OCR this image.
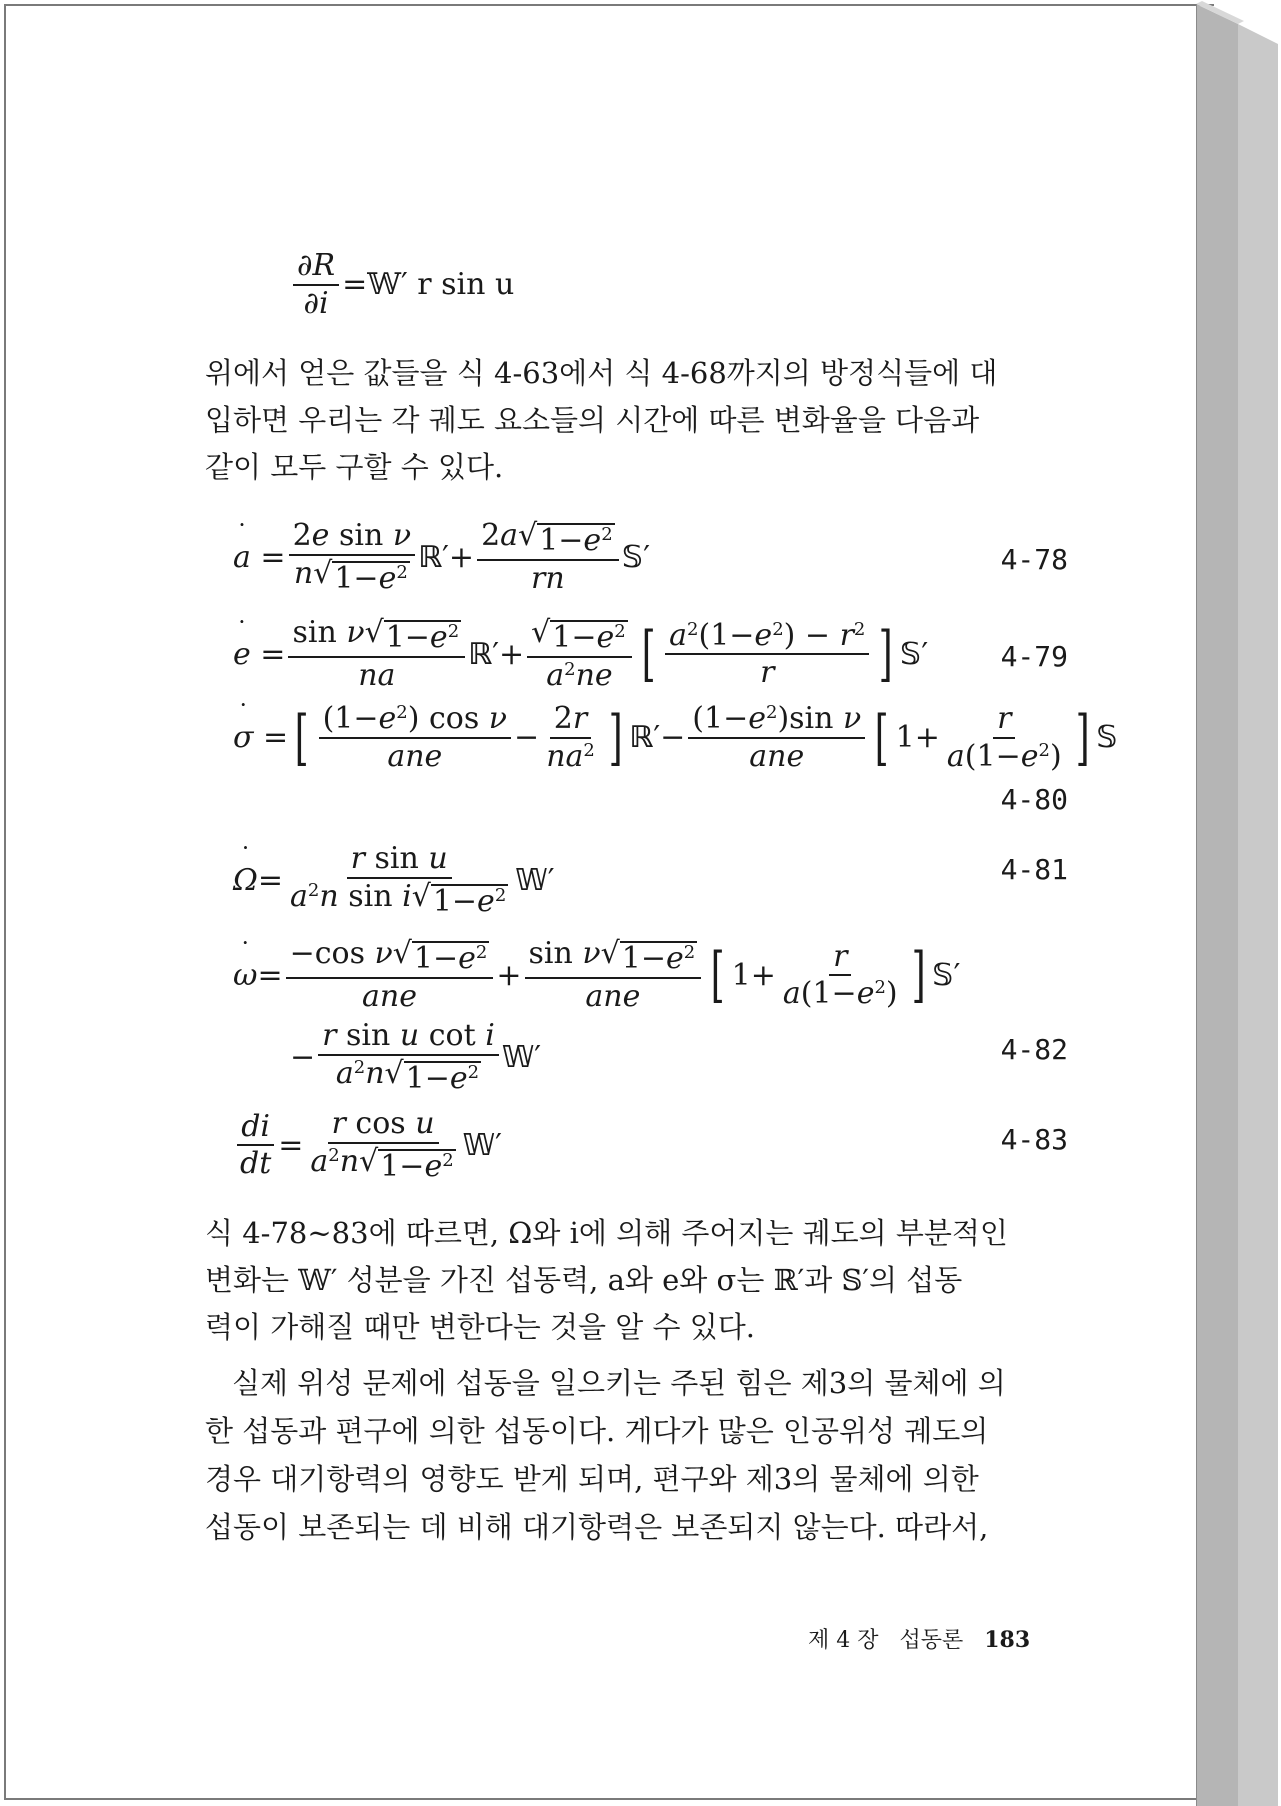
$\frac{\partial R}{\partial i}$ =𝕎′ r sin u
위에서 얻은 값들을 식 4-63에서 식 4-68까지의 방정식들에 대
입하면 우리는 각 궤도 요소들의 시간에 따른 변화율을 다음과
같이 모두 구할 수 있다.
a ˙ = $\frac{\text{2e sin ν}}{n √ 1-e^2}$ ℝ ′+ $\frac{2a √ 1-e^2}{rn}$ 𝕊 ′	4-78
e ˙ = $\frac{\sin \nu √ 1-e^2}{na}$ ℝ ′+ $\frac{√ 1-e^2}{a^2ne}$ [ $\frac{a^2(1-e^2) - r^2}{r}$ ] 𝕊 ′	4-79
σ ˙ = [ $\frac{(1-e^2) \cos \nu}{\text{ane}} - \frac{2r}{na^2}$ ] ℝ ′− $\frac{(1-e^2)\sin \nu}{\text{ane}}$ [ $1+ \frac{r}{a(1-e^2)}$ ] 𝕊
4-80
Ω ˙ = $\frac{\text{r sin u}}{a^2n \sin i √ 1-e^2}$ 𝕎 ′	4-81
ω ˙ = $\frac{-\cos \nu √ 1-e^2}{\text{ane}} + \frac{\sin \nu √ 1-e^2}{\text{ane}}$ [ $1+ \frac{r}{a(1-e^2)}$ ] 𝕊 ′
− $\frac{\text{r sin u cot i}}{a^2n √ 1-e^2}$ 𝕎 ′	4-82
$\frac{di}{dt} = \frac{\text{r cos u}}{a^2n √ 1-e^2}$ 𝕎 ′	4-83
식 4-78~83에 따르면, Ω와 i에 의해 주어지는 궤도의 부분적인
변화는 𝕎′ 성분을 가진 섭동력, a와 e와 σ는 ℝ′과 𝕊′의 섭동
력이 가해질 때만 변한다는 것을 알 수 있다.
실제 위성 문제에 섭동을 일으키는 주된 힘은 제3의 물체에 의
한 섭동과 편구에 의한 섭동이다. 게다가 많은 인공위성 궤도의
경우 대기항력의 영향도 받게 되며, 편구와 제3의 물체에 의한
섭동이 보존되는 데 비해 대기항력은 보존되지 않는다. 따라서,
제 4 장 섭동론 183
